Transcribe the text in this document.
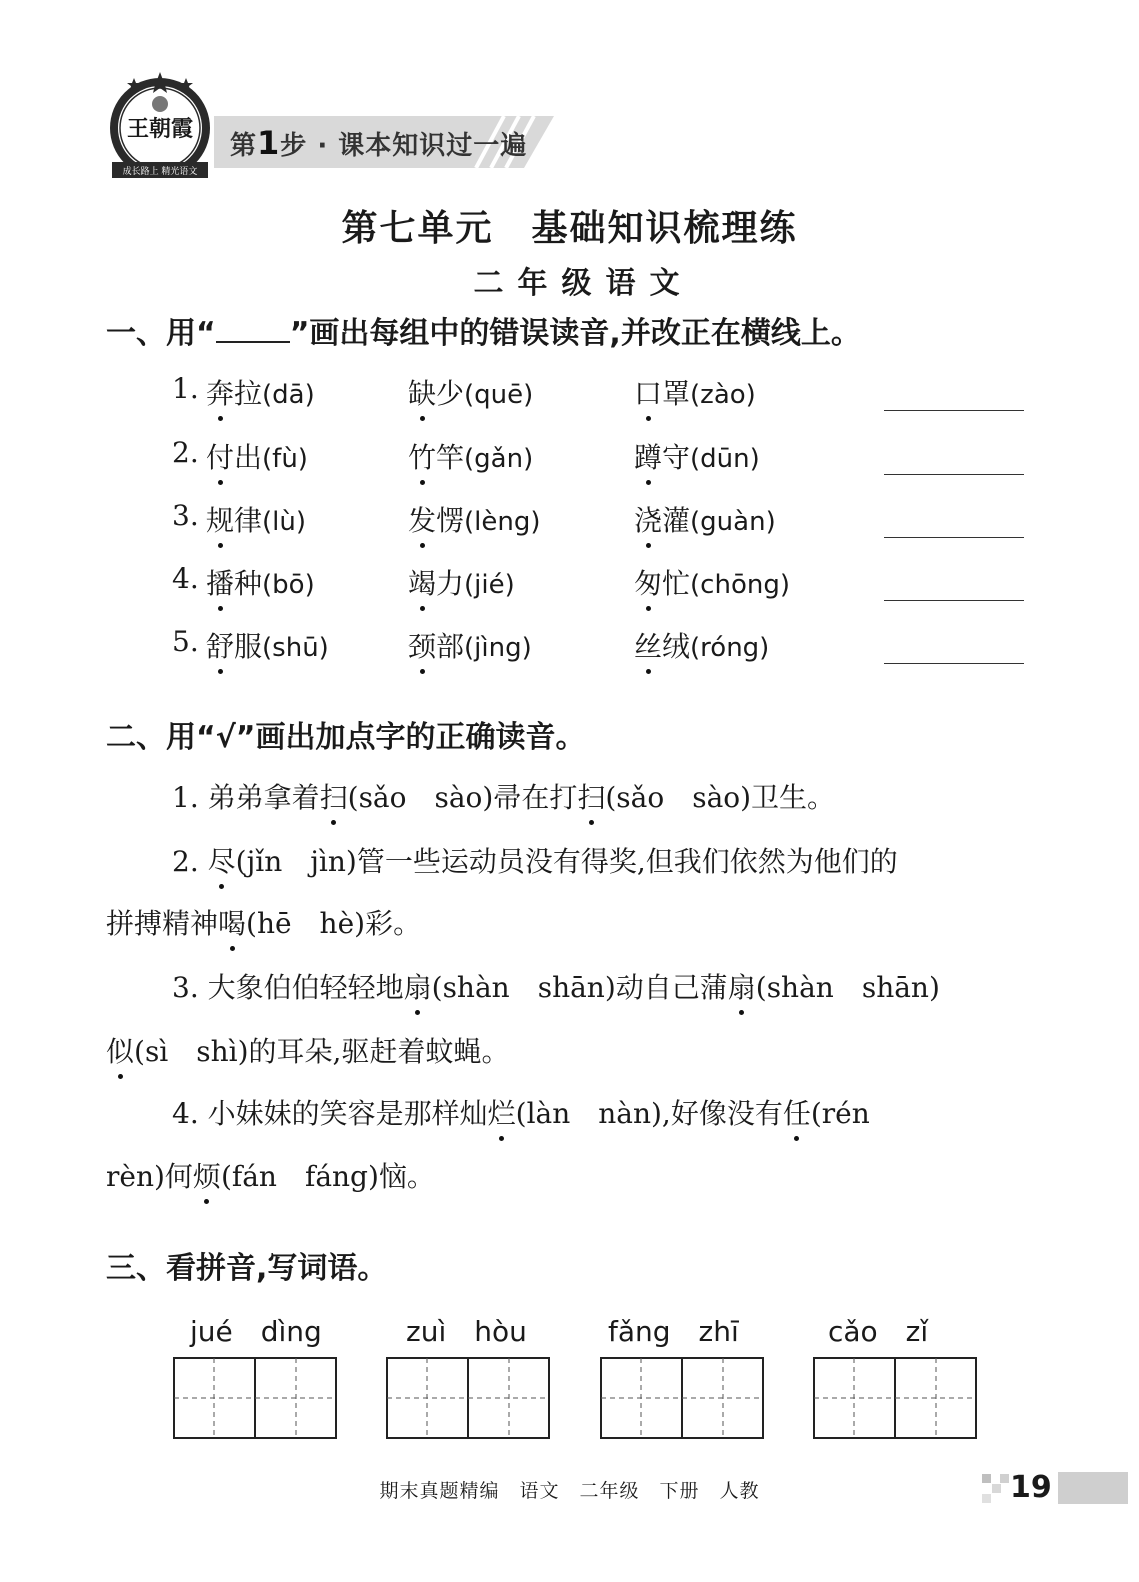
成长路上 精光语文
王朝霞
第1步 · 课本知识过一遍
第七单元　基础知识梳理练
二年级语文
一、用“ ”画出每组中的错误读音,并改正在横线上。
1. 奔拉(dā)	缺少(quē)	口罩(zào)
2. 付出(fù)	竹竿(gǎn)	蹲守(dūn)
3. 规律(lù)	发愣(lèng)	浇灌(guàn)
4. 播种(bō)	竭力(jié)	匆忙(chōng)
5. 舒服(shū)	颈部(jìng)	丝绒(róng)
二、用“√”画出加点字的正确读音。
1. 弟弟拿着扫(sǎo　sào)帚在打扫(sǎo　sào)卫生。
2. 尽(jǐn　jìn)管一些运动员没有得奖,但我们依然为他们的
拼搏精神喝(hē　hè)彩。
3. 大象伯伯轻轻地扇(shàn　shān)动自己蒲扇(shàn　shān)
似(sì　shì)的耳朵,驱赶着蚊蝇。
4. 小妹妹的笑容是那样灿烂(làn　nàn),好像没有任(rén
rèn)何烦(fán　fáng)恼。
三、看拼音,写词语。
jué　dìng	zuì　hòu	fǎng　zhī	cǎo　zǐ
期末真题精编　语文　二年级　下册　人教	19
